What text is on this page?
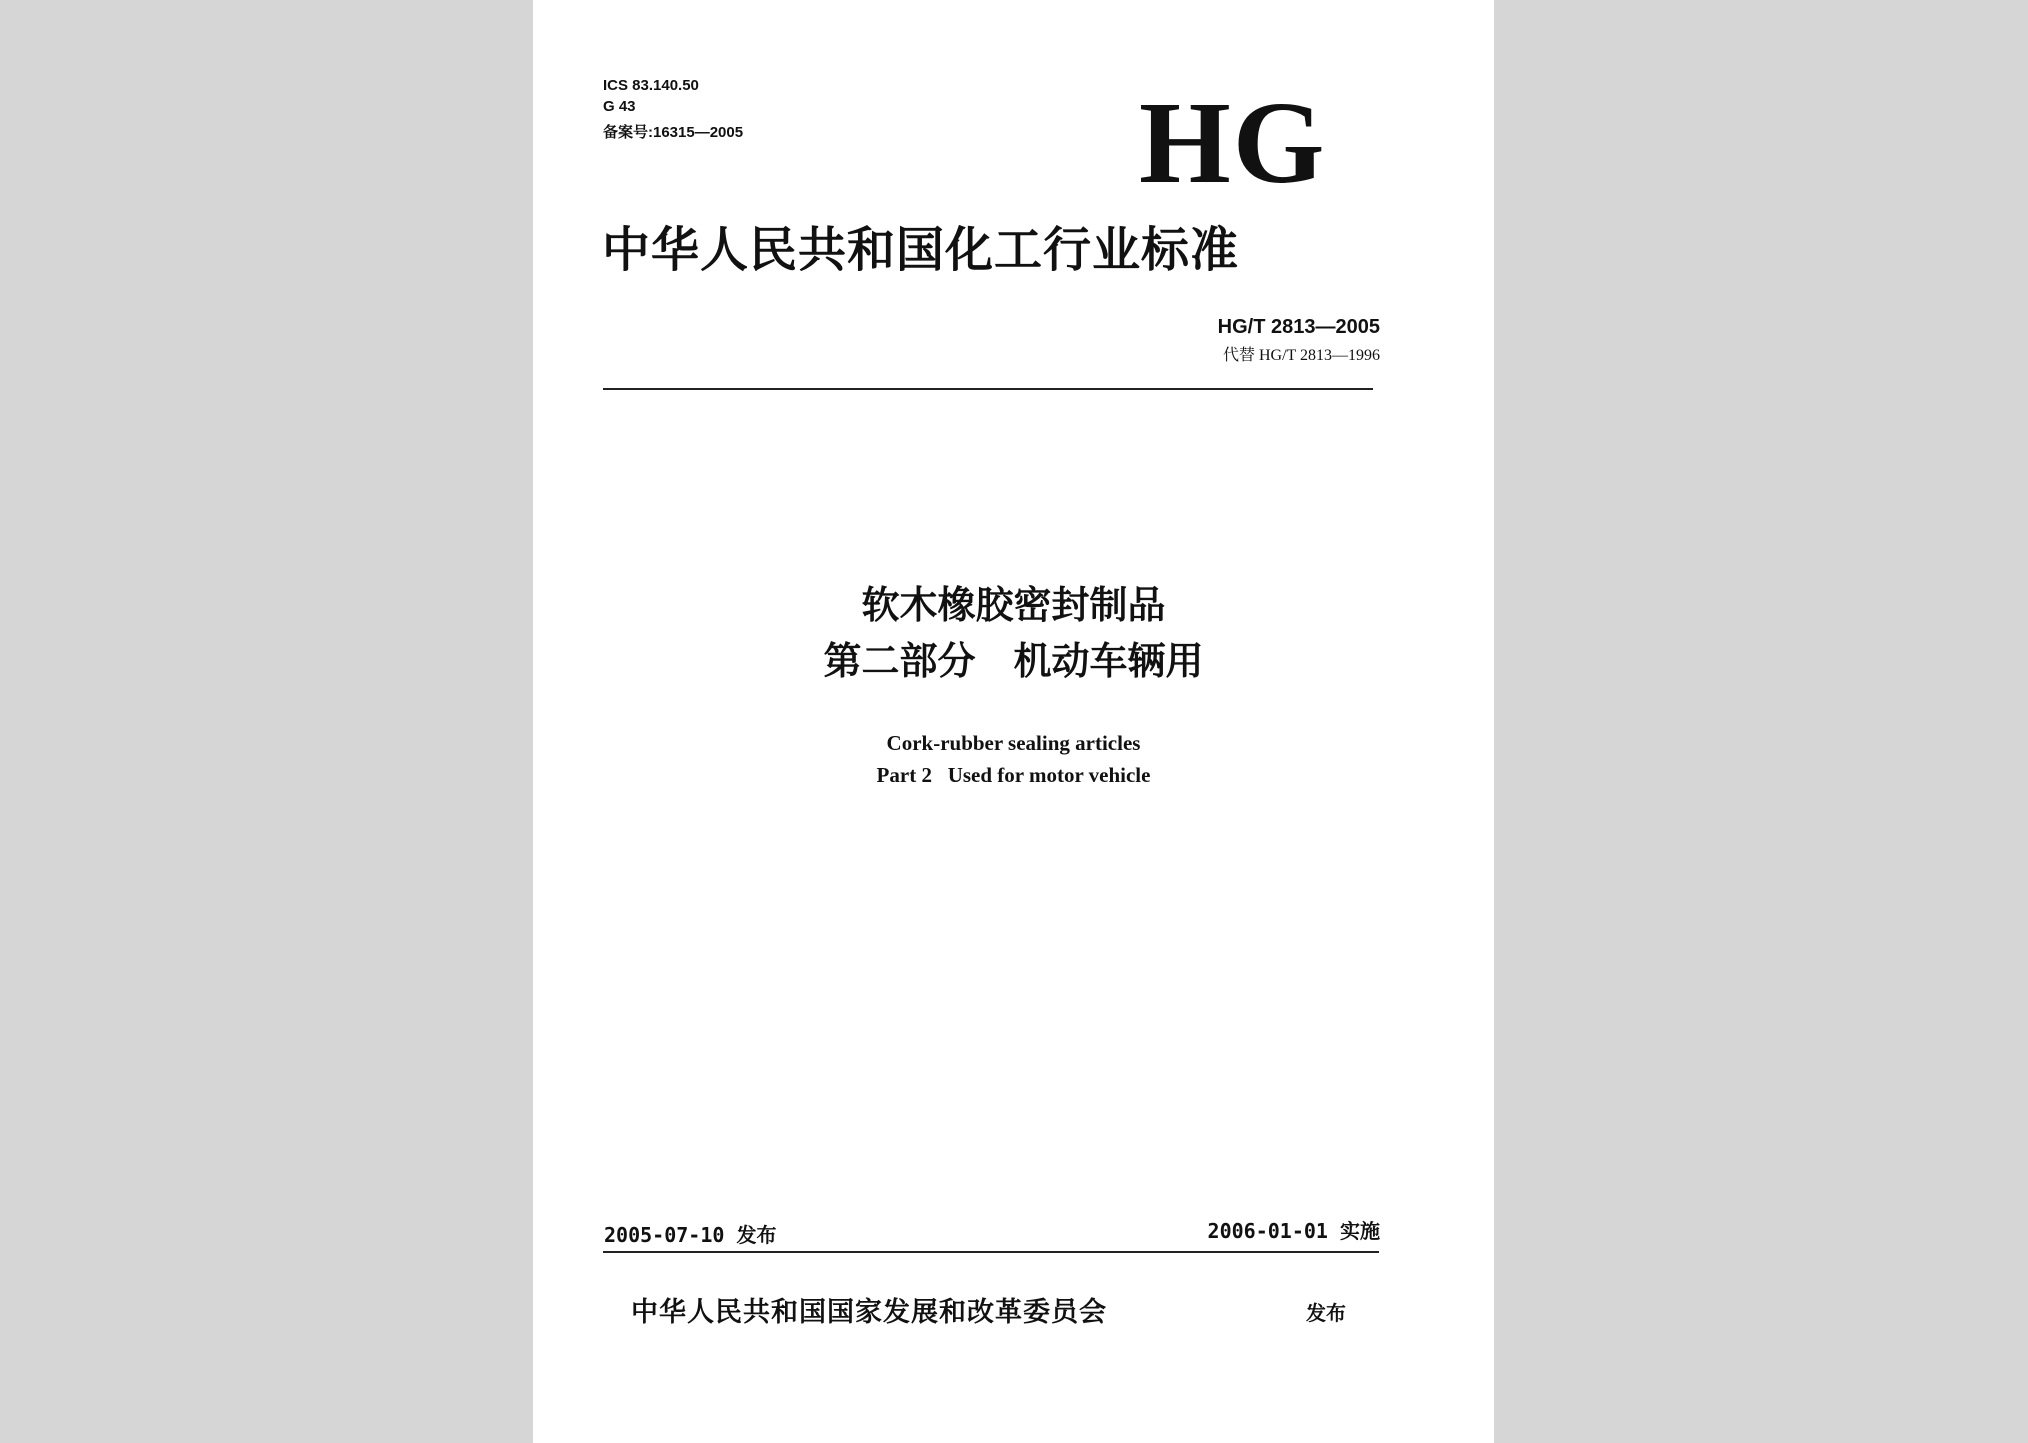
ICS 83.140.50
G 43
备案号:16315—2005	HG
中华人民共和国化工行业标准
HG/T 2813—2005
代替 HG/T 2813—1996
软木橡胶密封制品
第二部分　机动车辆用
Cork-rubber sealing articles
Part 2   Used for motor vehicle
2005-07-10 发布	2006-01-01 实施
中华人民共和国国家发展和改革委员会	发布
